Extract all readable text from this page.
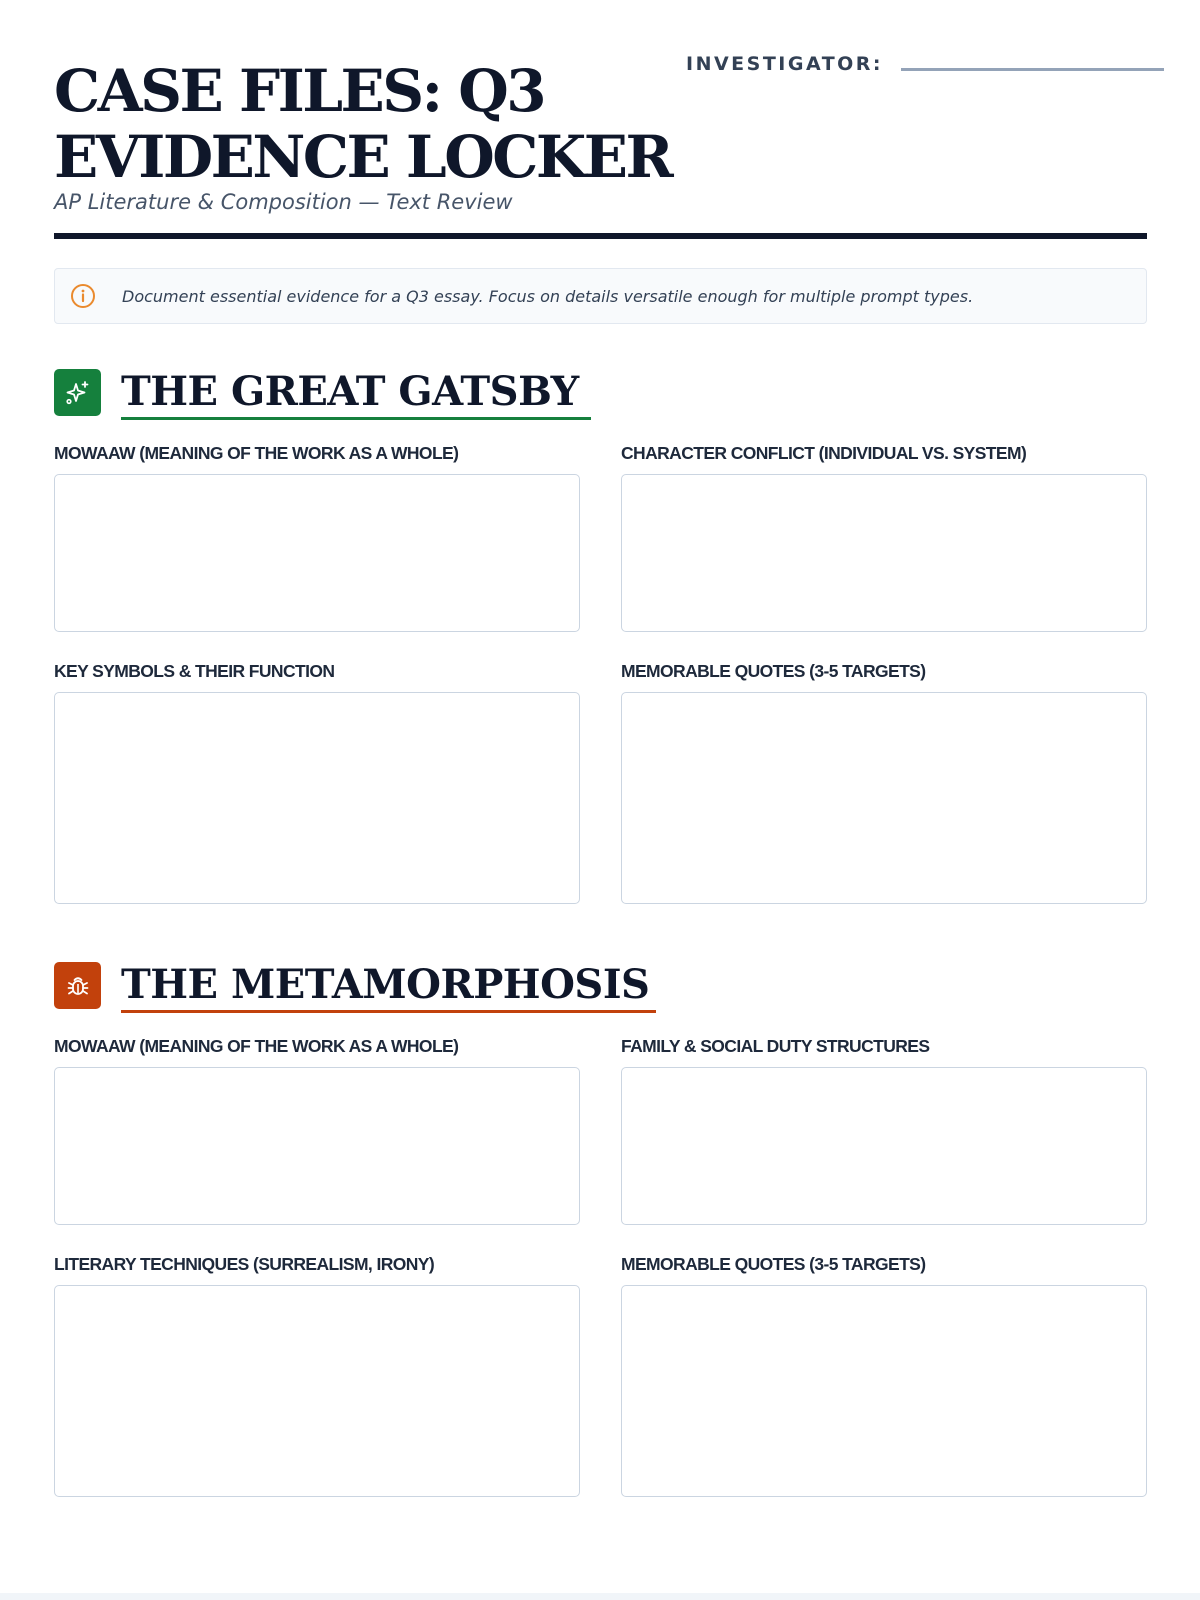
CASE FILES: Q3
EVIDENCE LOCKER
AP Literature & Composition — Text Review
INVESTIGATOR:
Document essential evidence for a Q3 essay. Focus on details versatile enough for multiple prompt types.
THE GREAT GATSBY
MOWAAW (MEANING OF THE WORK AS A WHOLE)	CHARACTER CONFLICT (INDIVIDUAL VS. SYSTEM)
KEY SYMBOLS & THEIR FUNCTION	MEMORABLE QUOTES (3-5 TARGETS)
THE METAMORPHOSIS
MOWAAW (MEANING OF THE WORK AS A WHOLE)	FAMILY & SOCIAL DUTY STRUCTURES
LITERARY TECHNIQUES (SURREALISM, IRONY)	MEMORABLE QUOTES (3-5 TARGETS)
